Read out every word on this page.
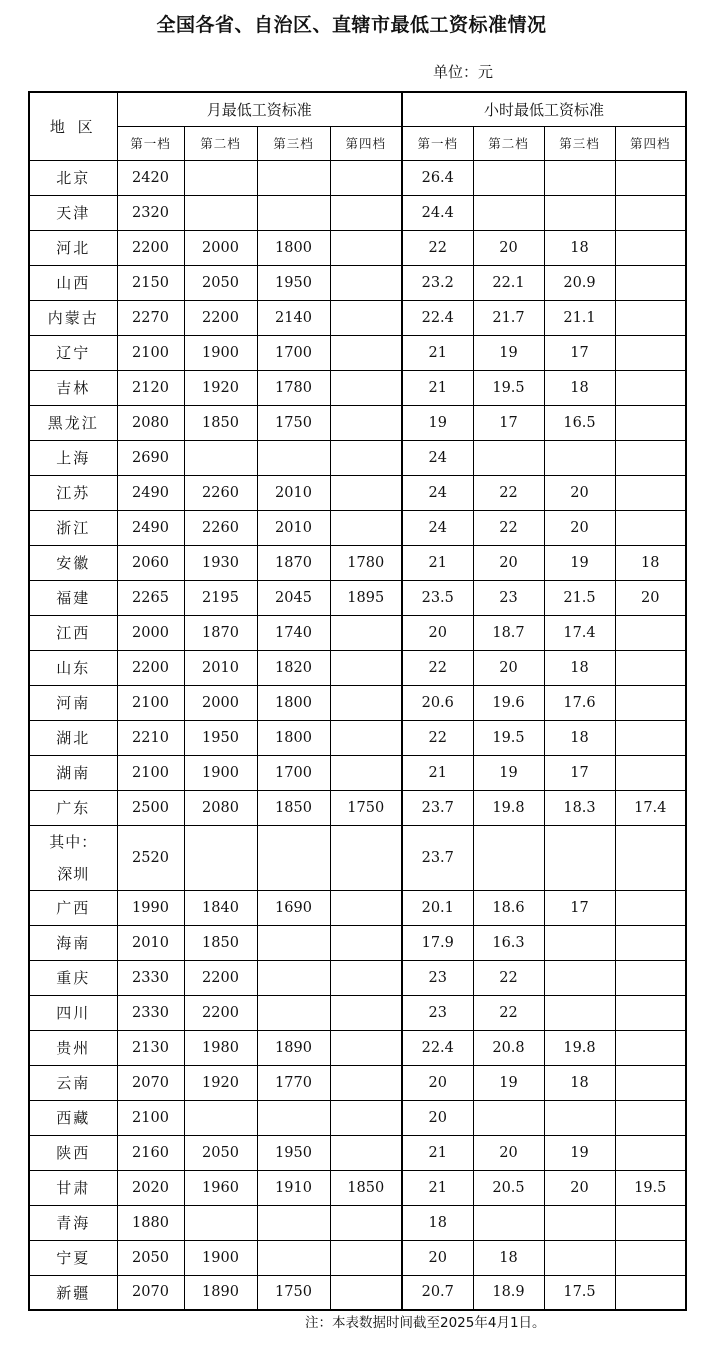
全国各省、自治区、直辖市最低工资标准情况
单位：元
地 区	月最低工资标准				小时最低工资标准			
	第一档	第二档	第三档	第四档	第一档	第二档	第三档	第四档
北京	2420				26.4			
天津	2320				24.4			
河北	2200	2000	1800		22	20	18	
山西	2150	2050	1950		23.2	22.1	20.9	
内蒙古	2270	2200	2140		22.4	21.7	21.1	
辽宁	2100	1900	1700		21	19	17	
吉林	2120	1920	1780		21	19.5	18	
黑龙江	2080	1850	1750		19	17	16.5	
上海	2690				24			
江苏	2490	2260	2010		24	22	20	
浙江	2490	2260	2010		24	22	20	
安徽	2060	1930	1870	1780	21	20	19	18
福建	2265	2195	2045	1895	23.5	23	21.5	20
江西	2000	1870	1740		20	18.7	17.4	
山东	2200	2010	1820		22	20	18	
河南	2100	2000	1800		20.6	19.6	17.6	
湖北	2210	1950	1800		22	19.5	18	
湖南	2100	1900	1700		21	19	17	
广东	2500	2080	1850	1750	23.7	19.8	18.3	17.4
其中：深圳	2520				23.7			
广西	1990	1840	1690		20.1	18.6	17	
海南	2010	1850			17.9	16.3		
重庆	2330	2200			23	22		
四川	2330	2200			23	22		
贵州	2130	1980	1890		22.4	20.8	19.8	
云南	2070	1920	1770		20	19	18	
西藏	2100				20			
陕西	2160	2050	1950		21	20	19	
甘肃	2020	1960	1910	1850	21	20.5	20	19.5
青海	1880				18			
宁夏	2050	1900			20	18		
新疆	2070	1890	1750		20.7	18.9	17.5	
注：本表数据时间截至2025年4月1日。
